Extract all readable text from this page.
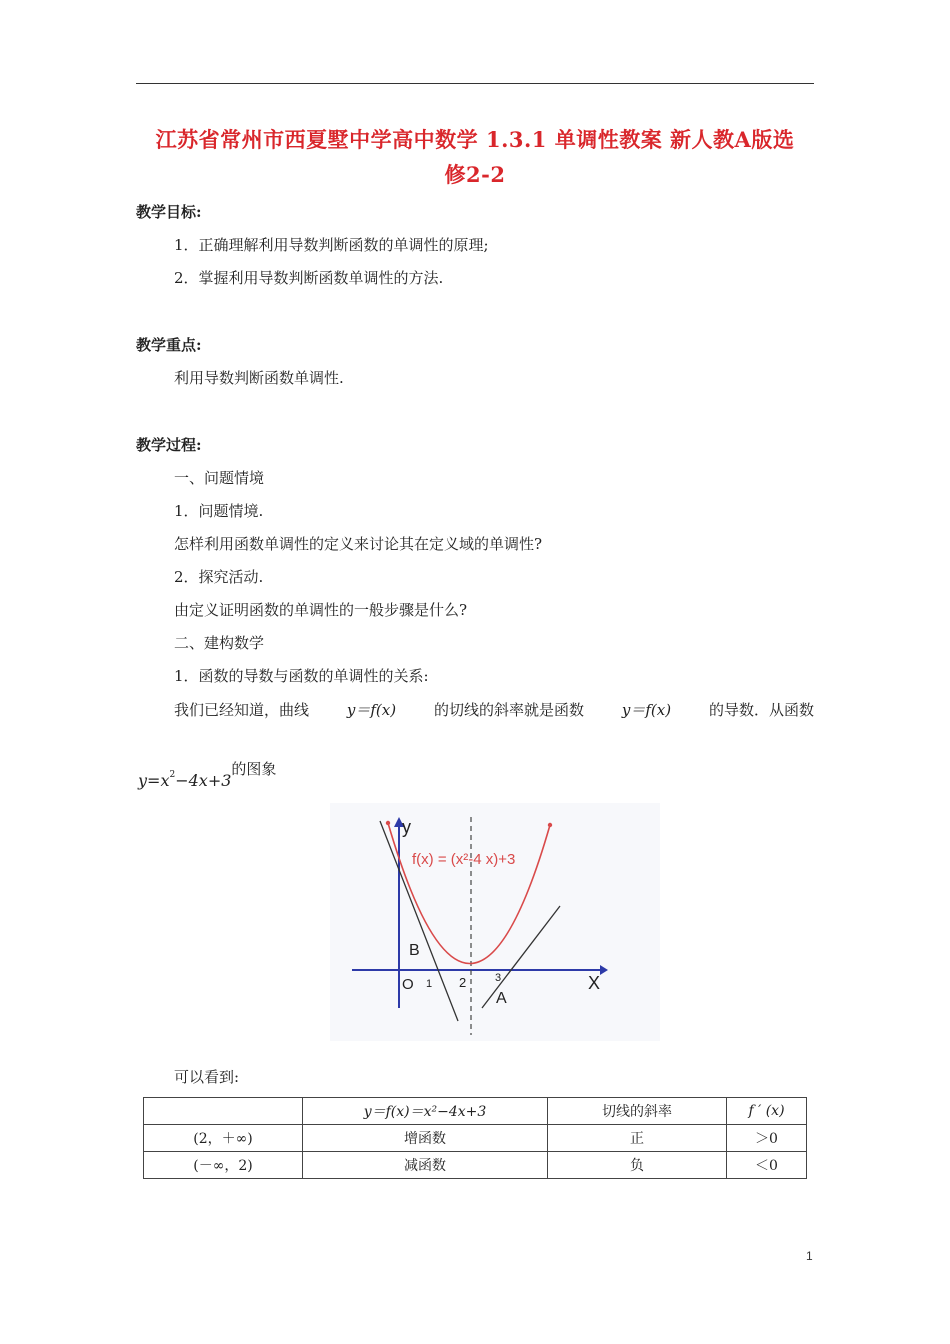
江苏省常州市西夏墅中学高中数学 1.3.1 单调性教案 新人教A版选
修2-2
教学目标:
1．正确理解利用导数判断函数的单调性的原理;
2．掌握利用导数判断函数单调性的方法.
教学重点:
利用导数判断函数单调性.
教学过程:
一、问题情境
1．问题情境.
怎样利用函数单调性的定义来讨论其在定义域的单调性?
2．探究活动.
由定义证明函数的单调性的一般步骤是什么?
二、建构数学
1．函数的导数与函数的单调性的关系:
我们已经知道，曲线	y＝f(x)	的切线的斜率就是函数	y＝f(x)	的导数．从函数
$y=x^2-4x+3$的图象
y
X
f(x) = (x²-4 x)+3
O 1 2	3
B
A
可以看到:
	y＝f(x)＝x²−4x+3	切线的斜率	f ′ (x)
(2，＋∞)	增函数	正	＞0
(－∞，2)	减函数	负	＜0
1
